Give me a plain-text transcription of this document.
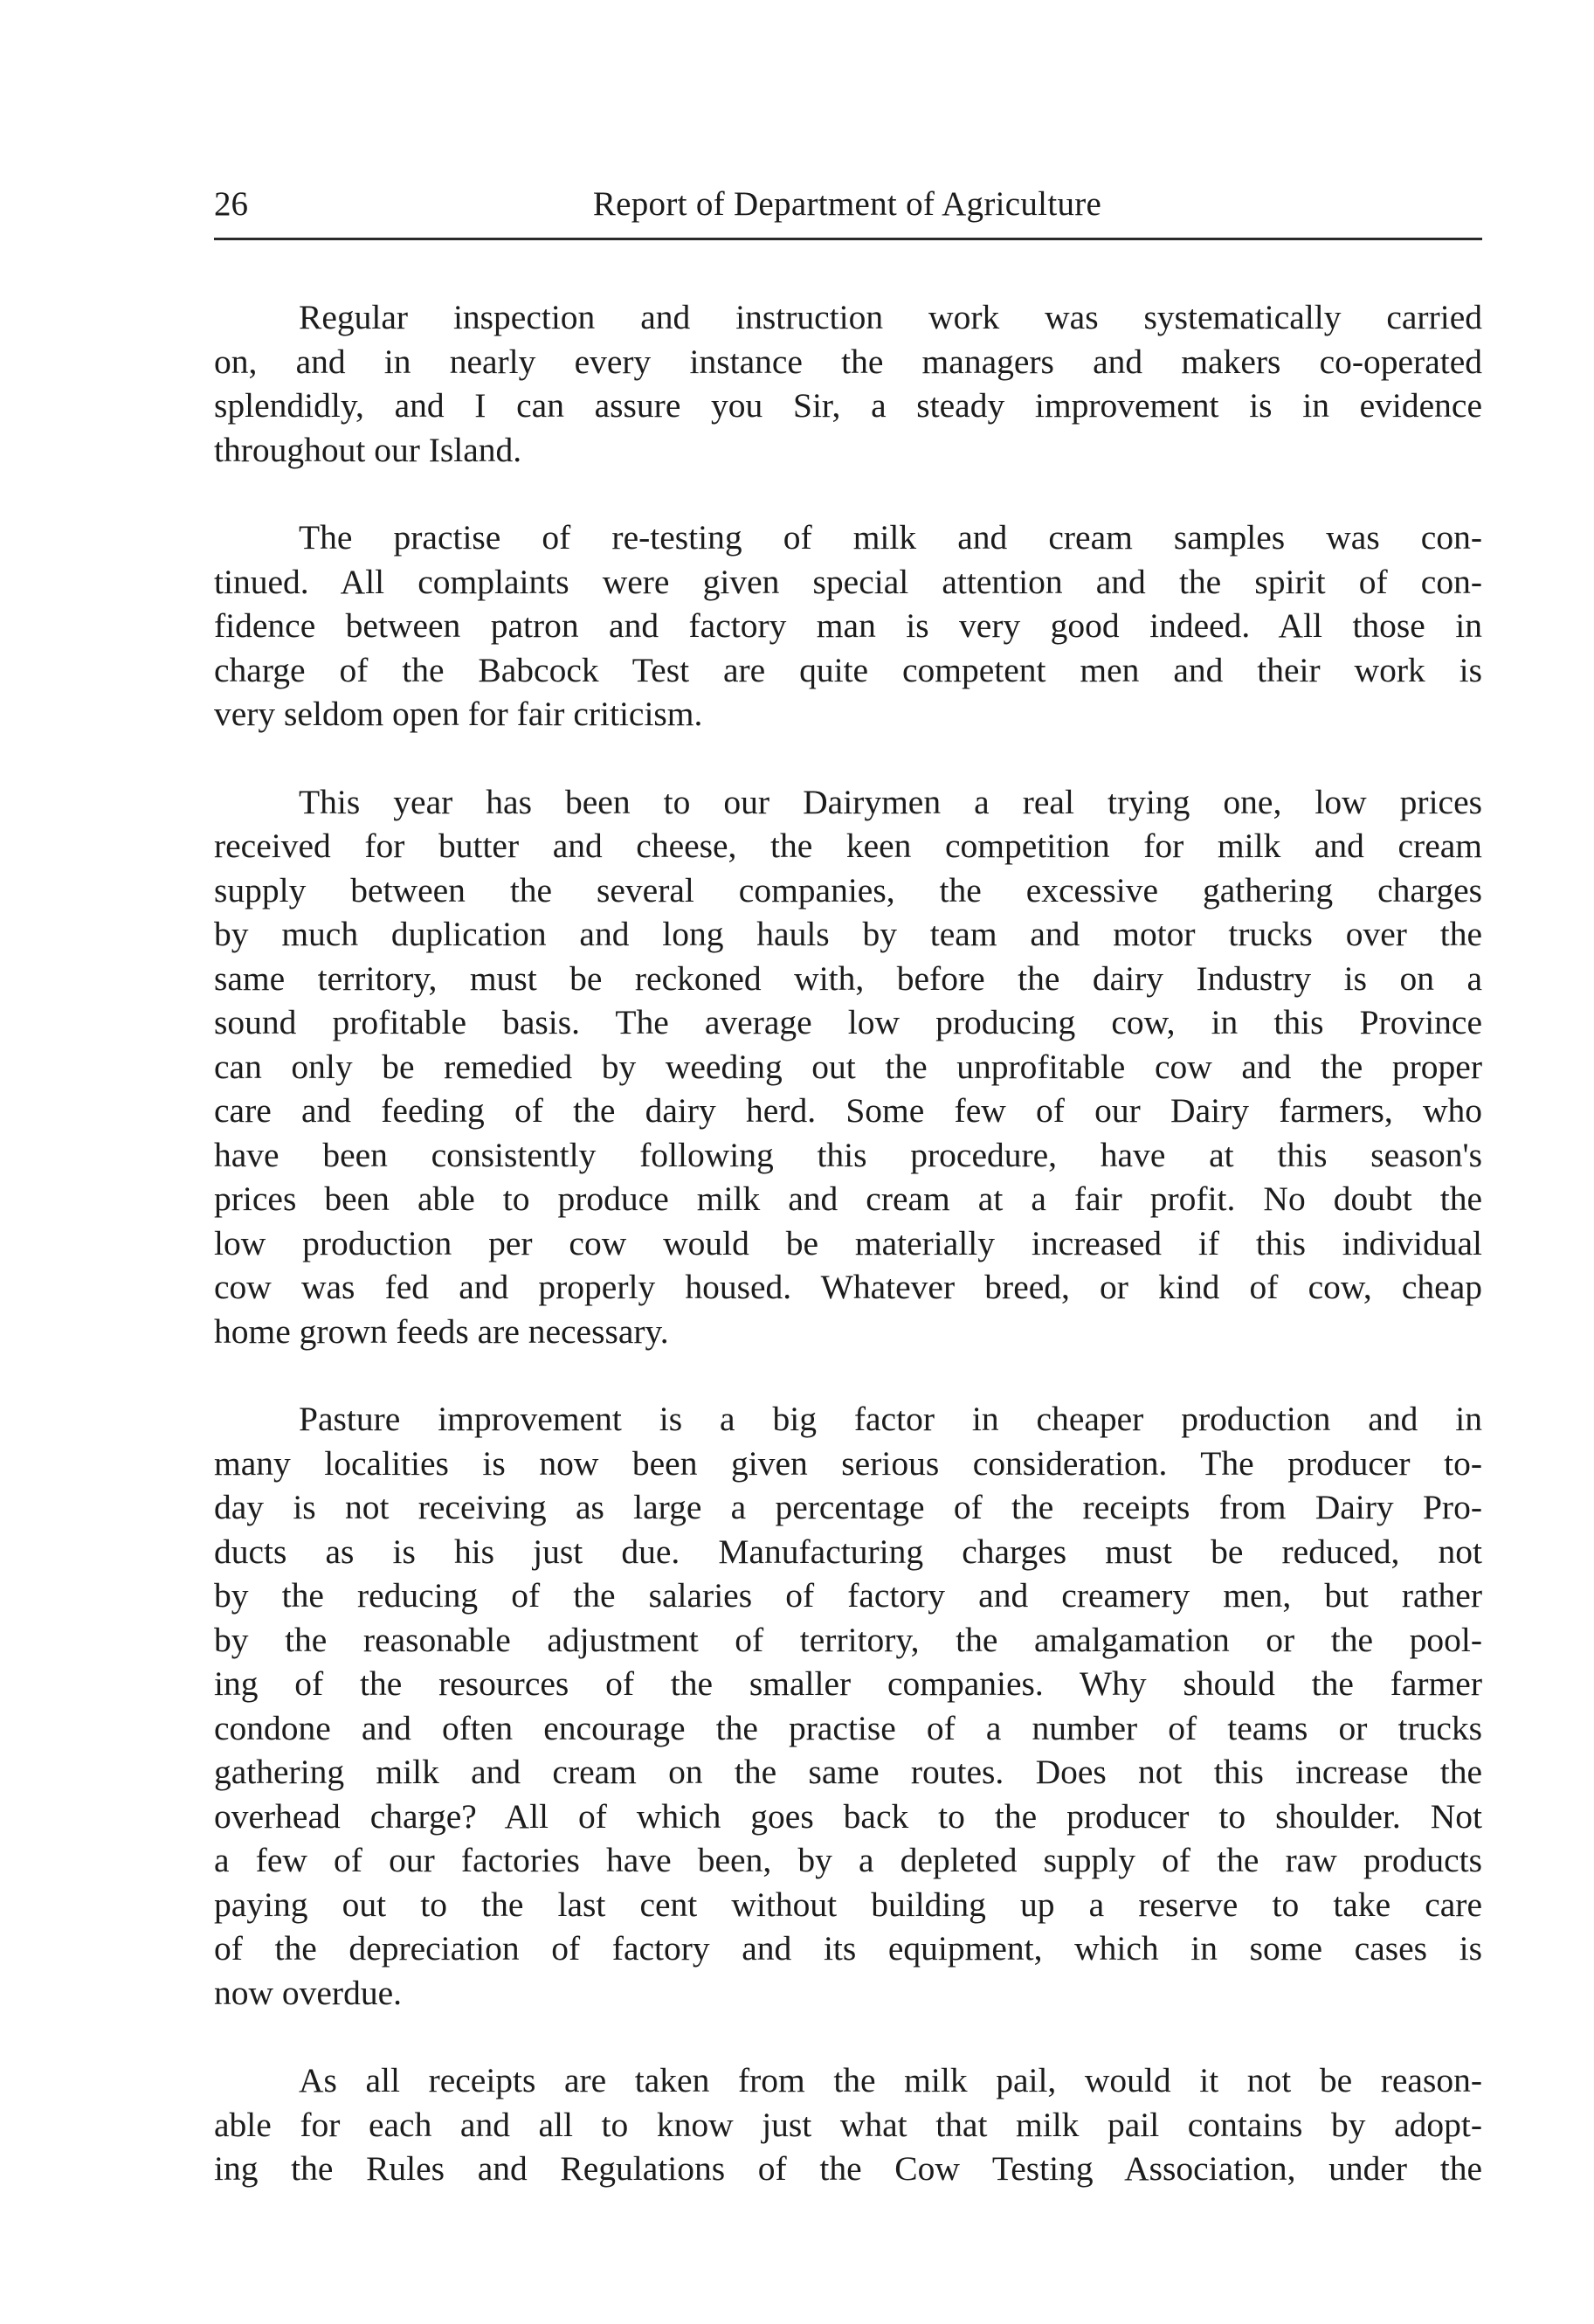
26	Report of Department of Agriculture

Regular inspection and instruction work was systematically carried
on, and in nearly every instance the managers and makers co-operated
splendidly, and I can assure you Sir, a steady improvement is in evidence
throughout our Island.

The practise of re-testing of milk and cream samples was con-
tinued. All complaints were given special attention and the spirit of con-
fidence between patron and factory man is very good indeed. All those in
charge of the Babcock Test are quite competent men and their work is
very seldom open for fair criticism.

This year has been to our Dairymen a real trying one, low prices
received for butter and cheese, the keen competition for milk and cream
supply between the several companies, the excessive gathering charges
by much duplication and long hauls by team and motor trucks over the
same territory, must be reckoned with, before the dairy Industry is on a
sound profitable basis. The average low producing cow, in this Province
can only be remedied by weeding out the unprofitable cow and the proper
care and feeding of the dairy herd. Some few of our Dairy farmers, who
have been consistently following this procedure, have at this season's
prices been able to produce milk and cream at a fair profit. No doubt the
low production per cow would be materially increased if this individual
cow was fed and properly housed. Whatever breed, or kind of cow, cheap
home grown feeds are necessary.

Pasture improvement is a big factor in cheaper production and in
many localities is now been given serious consideration. The producer to-
day is not receiving as large a percentage of the receipts from Dairy Pro-
ducts as is his just due. Manufacturing charges must be reduced, not
by the reducing of the salaries of factory and creamery men, but rather
by the reasonable adjustment of territory, the amalgamation or the pool-
ing of the resources of the smaller companies. Why should the farmer
condone and often encourage the practise of a number of teams or trucks
gathering milk and cream on the same routes. Does not this increase the
overhead charge? All of which goes back to the producer to shoulder. Not
a few of our factories have been, by a depleted supply of the raw products
paying out to the last cent without building up a reserve to take care
of the depreciation of factory and its equipment, which in some cases is
now overdue.

As all receipts are taken from the milk pail, would it not be reason-
able for each and all to know just what that milk pail contains by adopt-
ing the Rules and Regulations of the Cow Testing Association, under the
